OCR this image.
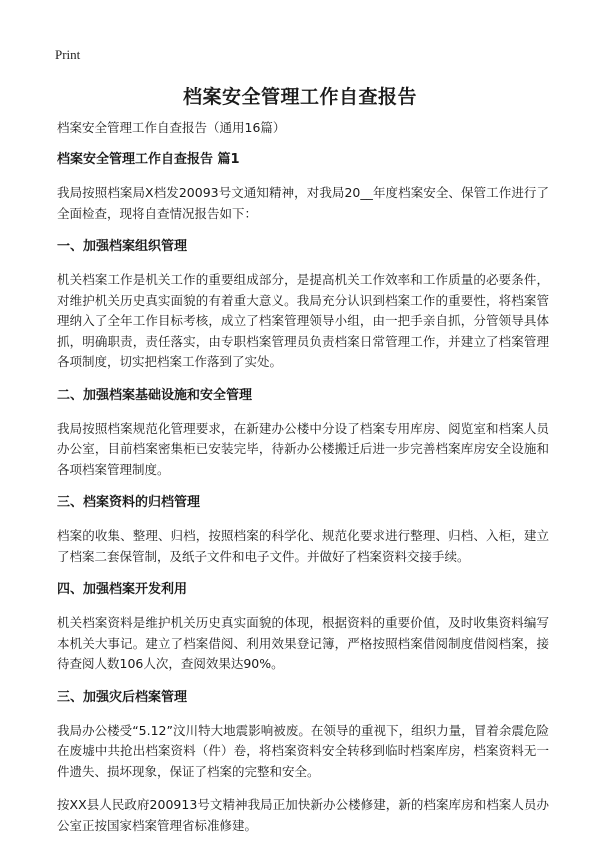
Print
档案安全管理工作自查报告

档案安全管理工作自查报告（通用16篇）

档案安全管理工作自查报告 篇1

我局按照档案局X档发20093号文通知精神，对我局20__年度档案安全、保管工作进行了全面检查，现将自查情况报告如下：

一、加强档案组织管理

机关档案工作是机关工作的重要组成部分，是提高机关工作效率和工作质量的必要条件，对维护机关历史真实面貌的有着重大意义。我局充分认识到档案工作的重要性，将档案管理纳入了全年工作目标考核，成立了档案管理领导小组，由一把手亲自抓，分管领导具体抓，明确职责，责任落实，由专职档案管理员负责档案日常管理工作，并建立了档案管理各项制度，切实把档案工作落到了实处。

二、加强档案基础设施和安全管理

我局按照档案规范化管理要求，在新建办公楼中分设了档案专用库房、阅览室和档案人员办公室，目前档案密集柜已安装完毕，待新办公楼搬迁后进一步完善档案库房安全设施和各项档案管理制度。

三、档案资料的归档管理

档案的收集、整理、归档，按照档案的科学化、规范化要求进行整理、归档、入柜，建立了档案二套保管制，及纸子文件和电子文件。并做好了档案资料交接手续。

四、加强档案开发利用

机关档案资料是维护机关历史真实面貌的体现，根据资料的重要价值，及时收集资料编写本机关大事记。建立了档案借阅、利用效果登记簿，严格按照档案借阅制度借阅档案，接待查阅人数106人次，查阅效果达90%。

三、加强灾后档案管理

我局办公楼受“5.12”汶川特大地震影响被废。在领导的重视下，组织力量，冒着余震危险在废墟中共抢出档案资料（件）卷，将档案资料安全转移到临时档案库房，档案资料无一件遗失、损坏现象，保证了档案的完整和安全。

按XX县人民政府200913号文精神我局正加快新办公楼修建，新的档案库房和档案人员办公室正按国家档案管理省标准修建。
